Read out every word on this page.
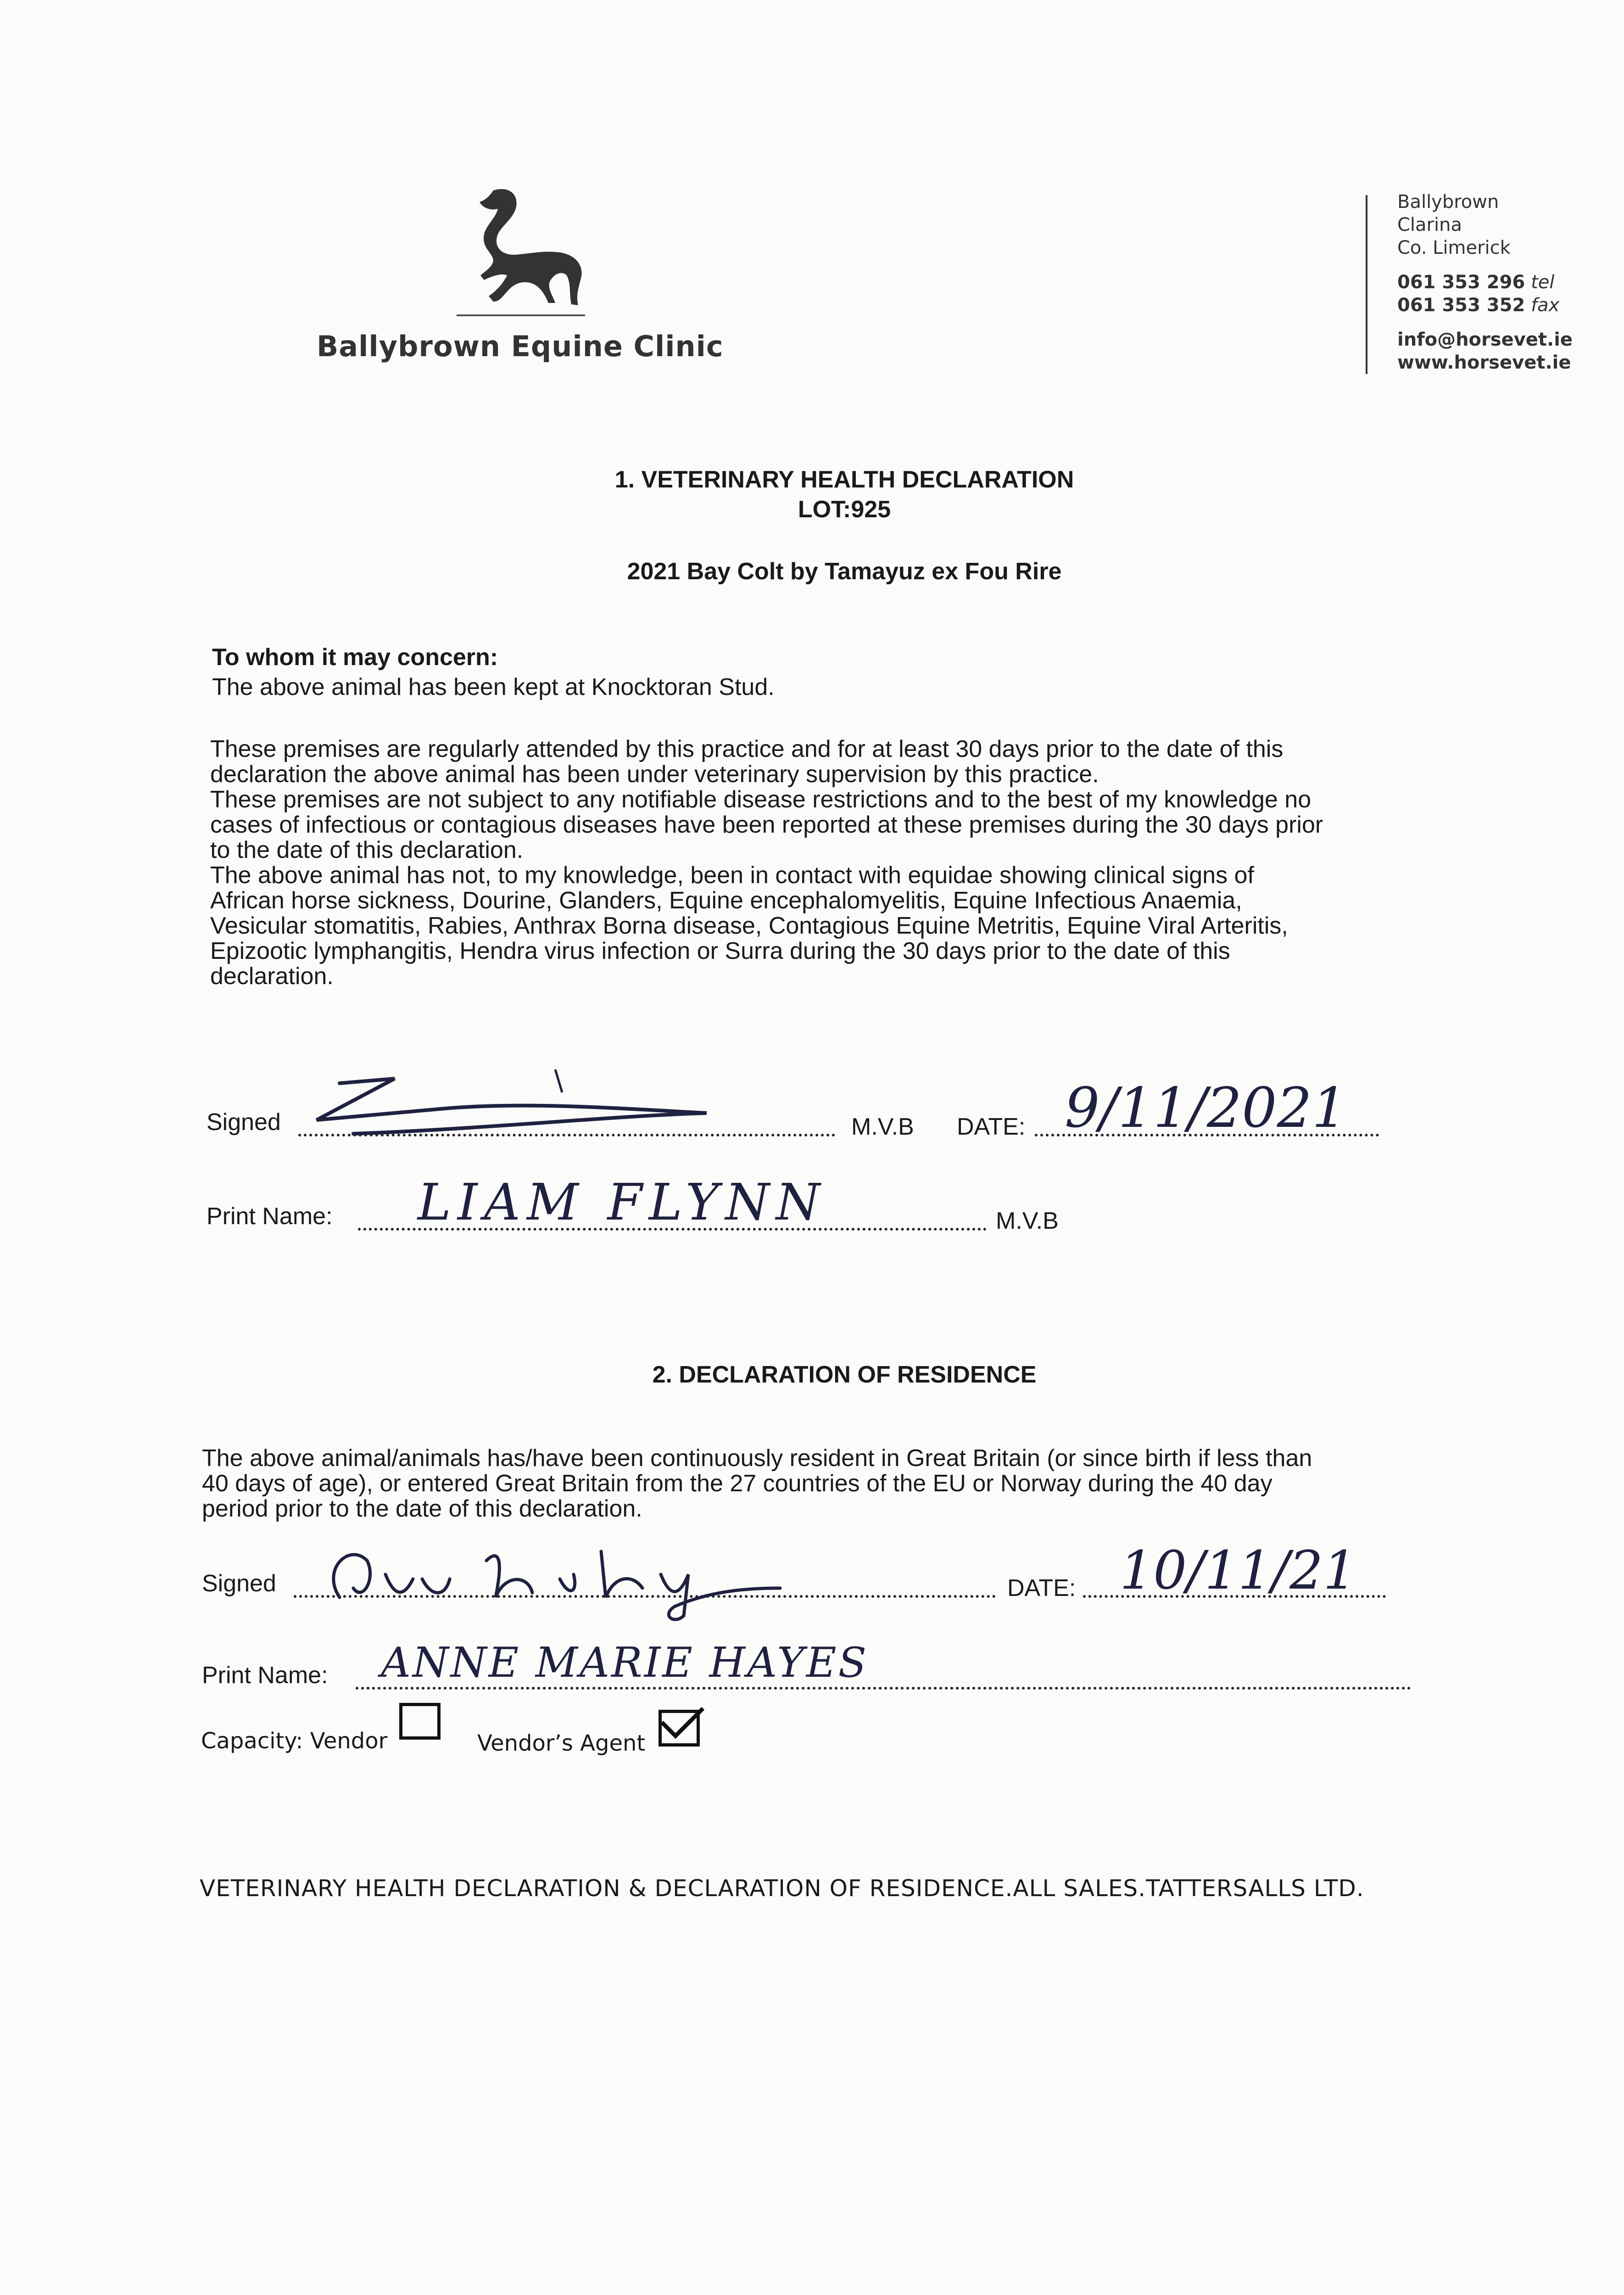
Ballybrown Equine Clinic
Ballybrown
Clarina
Co. Limerick
061 353 296 tel
061 353 352 fax
info@horsevet.ie
www.horsevet.ie
1. VETERINARY HEALTH DECLARATION
LOT:925
2021 Bay Colt by Tamayuz ex Fou Rire
To whom it may concern:
The above animal has been kept at Knocktoran Stud.
These premises are regularly attended by this practice and for at least 30 days prior to the date of this
declaration the above animal has been under veterinary supervision by this practice.
These premises are not subject to any notifiable disease restrictions and to the best of my knowledge no
cases of infectious or contagious diseases have been reported at these premises during the 30 days prior
to the date of this declaration.
The above animal has not, to my knowledge, been in contact with equidae showing clinical signs of
African horse sickness, Dourine, Glanders, Equine encephalomyelitis, Equine Infectious Anaemia,
Vesicular stomatitis, Rabies, Anthrax Borna disease, Contagious Equine Metritis, Equine Viral Arteritis,
Epizootic lymphangitis, Hendra virus infection or Surra during the 30 days prior to the date of this
declaration.
Signed	M.V.B DATE: 9/11/2021
Print Name: LIAM FLYNN	M.V.B
2. DECLARATION OF RESIDENCE
The above animal/animals has/have been continuously resident in Great Britain (or since birth if less than
40 days of age), or entered Great Britain from the 27 countries of the EU or Norway during the 40 day
period prior to the date of this declaration.
Signed	DATE: 10/11/21
Print Name: ANNE MARIE HAYES
Capacity: Vendor	Vendor’s Agent
VETERINARY HEALTH DECLARATION & DECLARATION OF RESIDENCE.ALL SALES.TATTERSALLS LTD.
